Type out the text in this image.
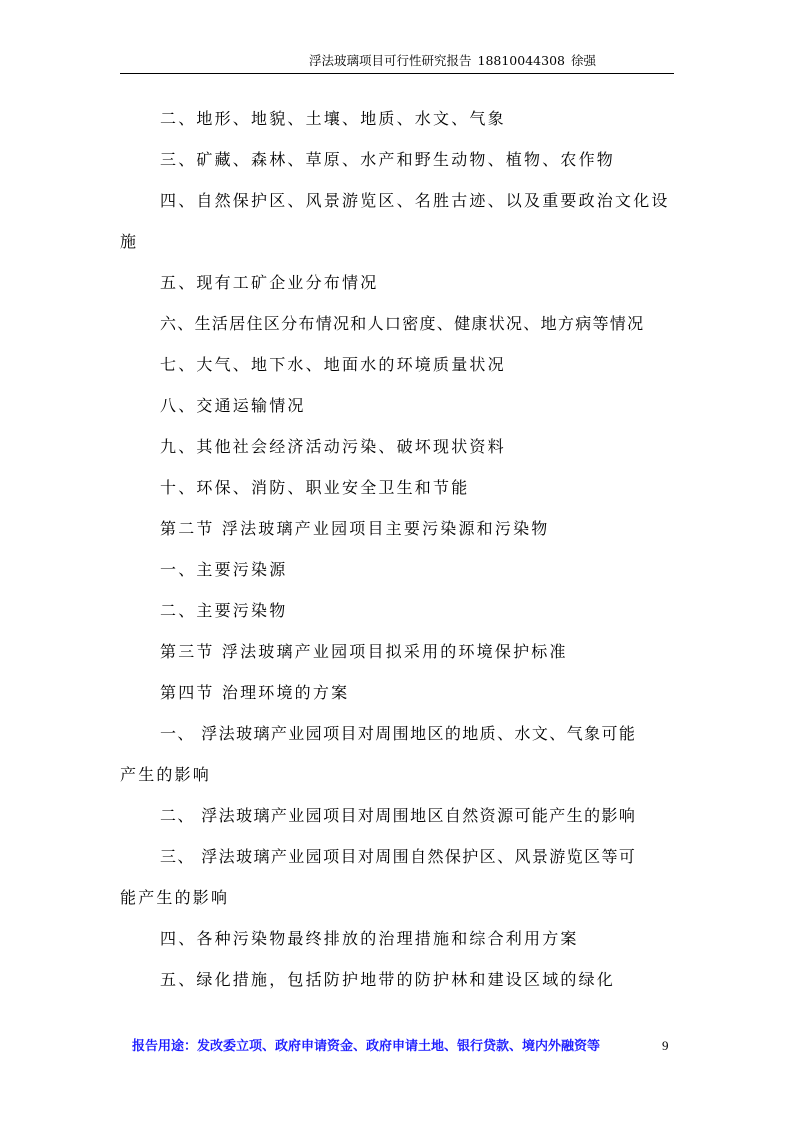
浮法玻璃项目可行性研究报告 18810044308 徐强
二、地形、地貌、土壤、地质、水文、气象
三、矿藏、森林、草原、水产和野生动物、植物、农作物
四、自然保护区、风景游览区、名胜古迹、以及重要政治文化设
施
五、现有工矿企业分布情况
六、生活居住区分布情况和人口密度、健康状况、地方病等情况
七、大气、地下水、地面水的环境质量状况
八、交通运输情况
九、其他社会经济活动污染、破坏现状资料
十、环保、消防、职业安全卫生和节能
第二节 浮法玻璃产业园项目主要污染源和污染物
一、主要污染源
二、主要污染物
第三节 浮法玻璃产业园项目拟采用的环境保护标准
第四节 治理环境的方案
一、 浮法玻璃产业园项目对周围地区的地质、水文、气象可能
产生的影响
二、 浮法玻璃产业园项目对周围地区自然资源可能产生的影响
三、 浮法玻璃产业园项目对周围自然保护区、风景游览区等可
能产生的影响
四、各种污染物最终排放的治理措施和综合利用方案
五、绿化措施，包括防护地带的防护林和建设区域的绿化
报告用途：发改委立项、政府申请资金、政府申请土地、银行贷款、境内外融资等	9
